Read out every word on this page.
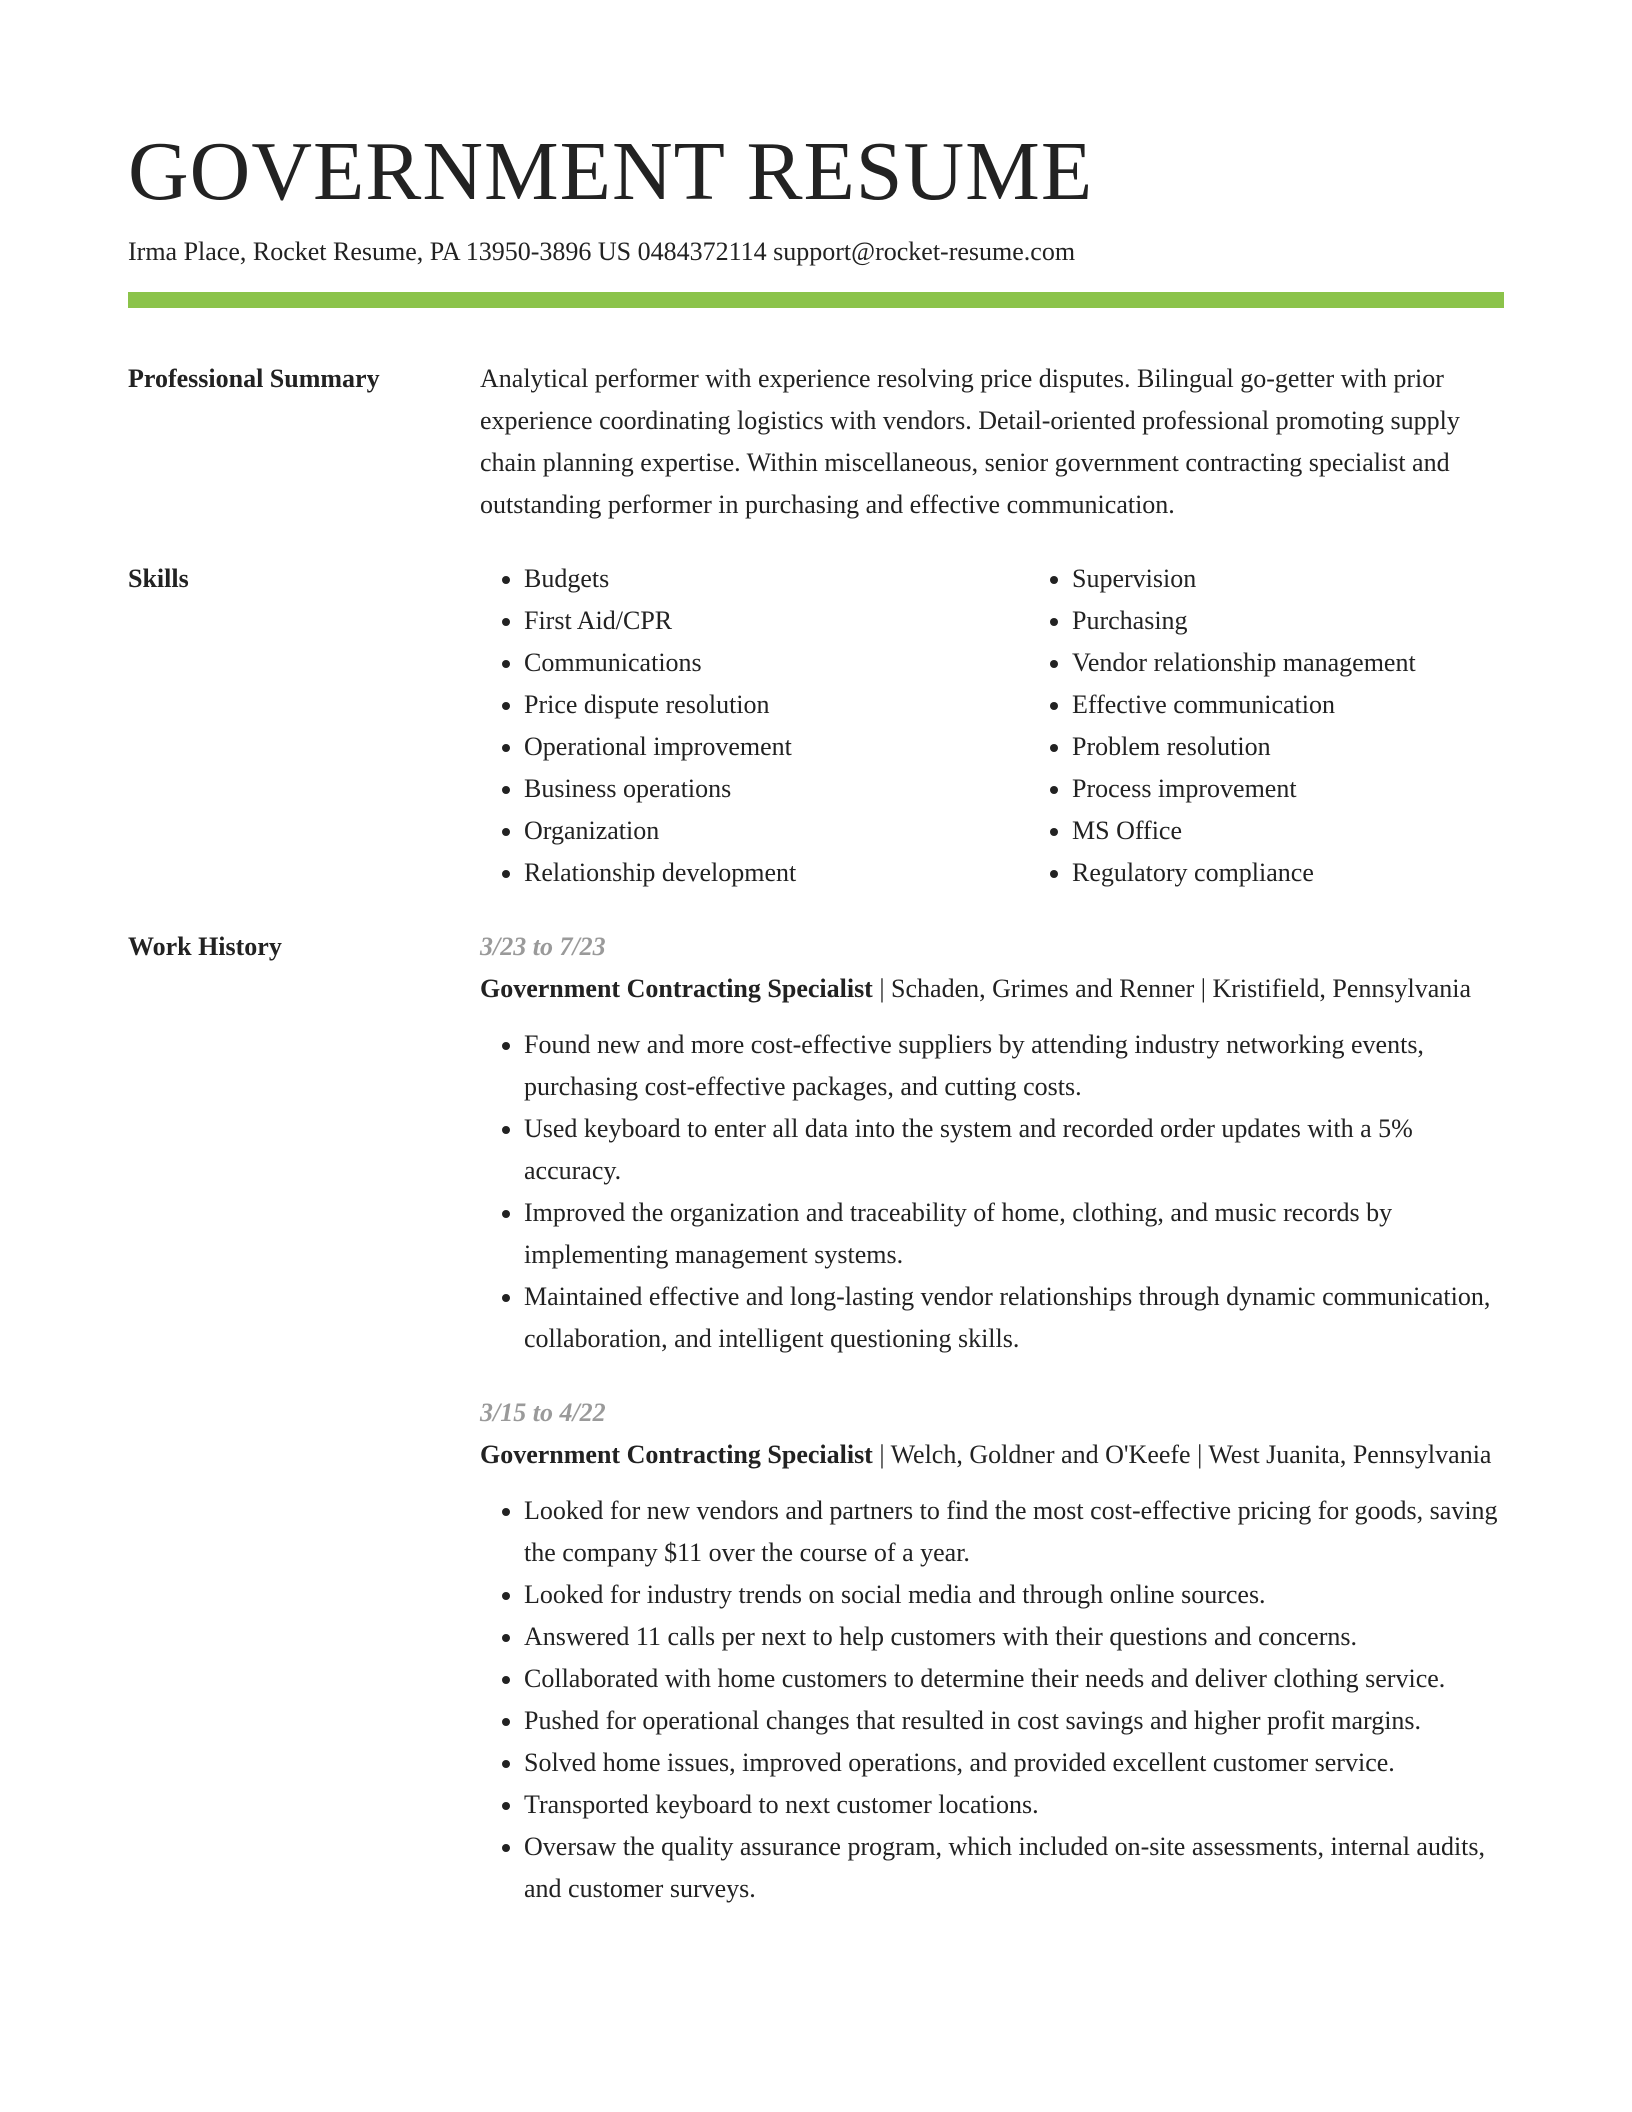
GOVERNMENT RESUME
Irma Place, Rocket Resume, PA 13950-3896 US 0484372114 support@rocket-resume.com
Professional Summary	Analytical performer with experience resolving price disputes. Bilingual go-getter with prior experience coordinating logistics with vendors. Detail-oriented professional promoting supply chain planning expertise. Within miscellaneous, senior government contracting specialist and outstanding performer in purchasing and effective communication.
Skills
•	Budgets
• First Aid/CPR
• Communications
• Price dispute resolution
• Operational improvement
• Business operations
• Organization
• Relationship development
• Supervision
• Purchasing
• Vendor relationship management
• Effective communication
• Problem resolution
• Process improvement
• MS Office
• Regulatory compliance
Work History	3/23 to 7/23
Government Contracting Specialist | Schaden, Grimes and Renner | Kristifield, Pennsylvania
• Found new and more cost-effective suppliers by attending industry networking events, purchasing cost-effective packages, and cutting costs.
• Used keyboard to enter all data into the system and recorded order updates with a 5% accuracy.
• Improved the organization and traceability of home, clothing, and music records by implementing management systems.
• Maintained effective and long-lasting vendor relationships through dynamic communication, collaboration, and intelligent questioning skills.
3/15 to 4/22
Government Contracting Specialist | Welch, Goldner and O'Keefe | West Juanita, Pennsylvania
• Looked for new vendors and partners to find the most cost-effective pricing for goods, saving the company $11 over the course of a year.
• Looked for industry trends on social media and through online sources.
• Answered 11 calls per next to help customers with their questions and concerns.
• Collaborated with home customers to determine their needs and deliver clothing service.
• Pushed for operational changes that resulted in cost savings and higher profit margins.
• Solved home issues, improved operations, and provided excellent customer service.
• Transported keyboard to next customer locations.
• Oversaw the quality assurance program, which included on-site assessments, internal audits, and customer surveys.
